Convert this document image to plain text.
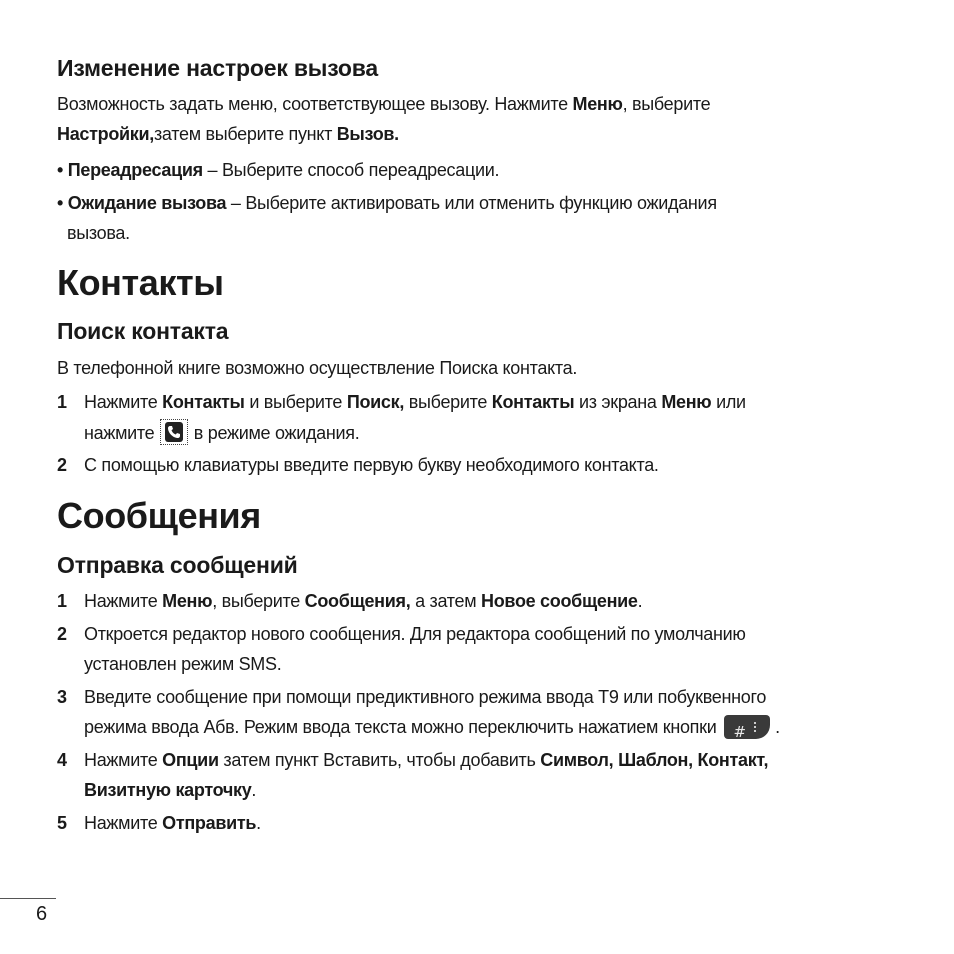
Изменение настроек вызова

Возможность задать меню, соответствующее вызову. Нажмите Меню, выберите

Настройки,затем выберите пункт Вызов.

• Переадресация – Выберите способ переадресации.

• Ожидание вызова – Выберите активировать или отменить функцию ожидания

вызова.

Контакты
Поиск контакта

В телефонной книге возможно осуществление Поиска контакта.

1 Нажмите Контакты и выберите Поиск, выберите Контакты из экрана Меню или
нажмите
в режиме ожидания.
2 С помощью клавиатуры введите первую букву необходимого контакта.
Сообщения
Отправка сообщений
1 Нажмите Меню, выберите Сообщения, а затем Новое сообщение.
2 Откроется редактор нового сообщения. Для редактора сообщений по умолчанию
установлен режим SMS.
3 Введите сообщение при помощи предиктивного режима ввода T9 или побуквенного
режима ввода Абв. Режим ввода текста можно переключить нажатием кнопки # .
4 Нажмите Опции затем пункт Вставить, чтобы добавить Символ, Шаблон, Контакт,
Визитную карточку.
5 Нажмите Отправить.
6
